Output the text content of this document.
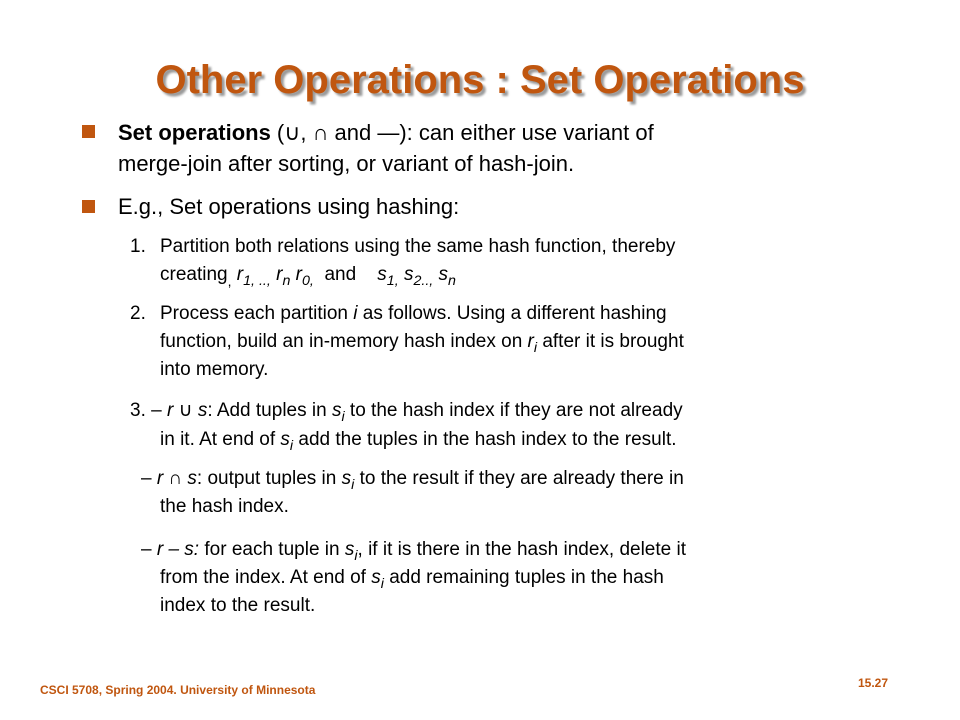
Other Operations : Set Operations
Set operations (∪, ∩ and —): can either use variant of
merge-join after sorting, or variant of hash-join.
E.g., Set operations using hashing:
1. Partition both relations using the same hash function, thereby
creating$_,$ $r_{1, ..,}$ $r_n$ $r_{0,}$ and $s_{1,}$ $s_{2..,}$ $s_n$
2. Process each partition i as follows. Using a different hashing
function, build an in-memory hash index on $r_i$ after it is brought
into memory.
3. – r ∪ s: Add tuples in $s_i$ to the hash index if they are not already
in it. At end of $s_i$ add the tuples in the hash index to the result.
– r ∩ s: output tuples in $s_i$ to the result if they are already there in
the hash index.
– r – s: for each tuple in $s_i$, if it is there in the hash index, delete it
from the index. At end of $s_i$ add remaining tuples in the hash
index to the result.
CSCI 5708, Spring 2004. University of Minnesota	15.27
